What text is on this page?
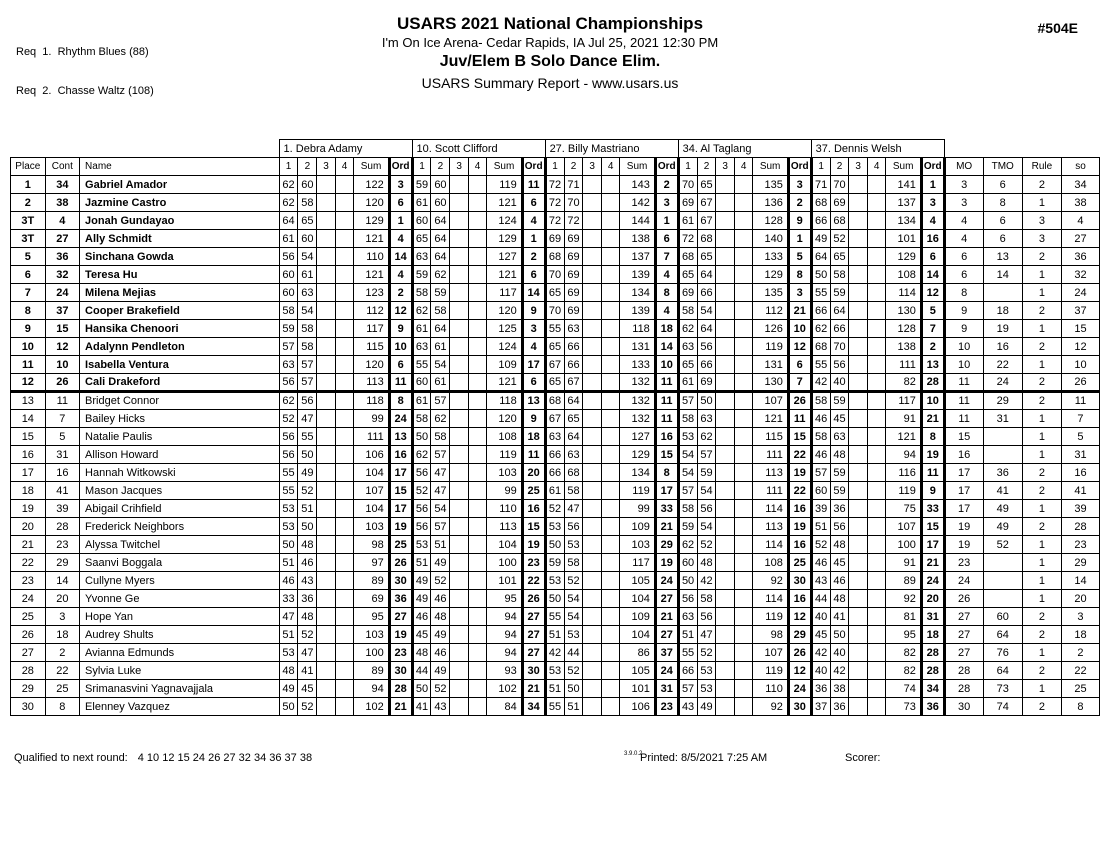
Req  1.  Rhythm Blues (88)

Req  2.  Chasse Waltz (108)

USARS 2021 National Championships
I'm On Ice Arena- Cedar Rapids, IA Jul 25, 2021 12:30 PM
Juv/Elem B Solo Dance Elim.
USARS Summary Report - www.usars.us
#504E
			1. Debra Adamy						10. Scott Clifford						27. Billy Mastriano						34. Al Taglang						37. Dennis Welsh									
Place	Cont	Name	1	2	3	4	Sum	Ord	1	2	3	4	Sum	Ord	1	2	3	4	Sum	Ord	1	2	3	4	Sum	Ord	1	2	3	4	Sum	Ord	MO	TMO	Rule	so
1	34	Gabriel Amador	62	60			122	3	59	60			119	11	72	71			143	2	70	65			135	3	71	70			141	1	3	6	2	34
2	38	Jazmine Castro	62	58			120	6	61	60			121	6	72	70			142	3	69	67			136	2	68	69			137	3	3	8	1	38
3T	4	Jonah Gundayao	64	65			129	1	60	64			124	4	72	72			144	1	61	67			128	9	66	68			134	4	4	6	3	4
3T	27	Ally Schmidt	61	60			121	4	65	64			129	1	69	69			138	6	72	68			140	1	49	52			101	16	4	6	3	27
5	36	Sinchana Gowda	56	54			110	14	63	64			127	2	68	69			137	7	68	65			133	5	64	65			129	6	6	13	2	36
6	32	Teresa Hu	60	61			121	4	59	62			121	6	70	69			139	4	65	64			129	8	50	58			108	14	6	14	1	32
7	24	Milena Mejias	60	63			123	2	58	59			117	14	65	69			134	8	69	66			135	3	55	59			114	12	8		1	24
8	37	Cooper Brakefield	58	54			112	12	62	58			120	9	70	69			139	4	58	54			112	21	66	64			130	5	9	18	2	37
9	15	Hansika Chenoori	59	58			117	9	61	64			125	3	55	63			118	18	62	64			126	10	62	66			128	7	9	19	1	15
10	12	Adalynn Pendleton	57	58			115	10	63	61			124	4	65	66			131	14	63	56			119	12	68	70			138	2	10	16	2	12
11	10	Isabella Ventura	63	57			120	6	55	54			109	17	67	66			133	10	65	66			131	6	55	56			111	13	10	22	1	10
12	26	Cali Drakeford	56	57			113	11	60	61			121	6	65	67			132	11	61	69			130	7	42	40			82	28	11	24	2	26
13	11	Bridget Connor	62	56			118	8	61	57			118	13	68	64			132	11	57	50			107	26	58	59			117	10	11	29	2	11
14	7	Bailey Hicks	52	47			99	24	58	62			120	9	67	65			132	11	58	63			121	11	46	45			91	21	11	31	1	7
15	5	Natalie Paulis	56	55			111	13	50	58			108	18	63	64			127	16	53	62			115	15	58	63			121	8	15		1	5
16	31	Allison Howard	56	50			106	16	62	57			119	11	66	63			129	15	54	57			111	22	46	48			94	19	16		1	31
17	16	Hannah Witkowski	55	49			104	17	56	47			103	20	66	68			134	8	54	59			113	19	57	59			116	11	17	36	2	16
18	41	Mason Jacques	55	52			107	15	52	47			99	25	61	58			119	17	57	54			111	22	60	59			119	9	17	41	2	41
19	39	Abigail Crihfield	53	51			104	17	56	54			110	16	52	47			99	33	58	56			114	16	39	36			75	33	17	49	1	39
20	28	Frederick Neighbors	53	50			103	19	56	57			113	15	53	56			109	21	59	54			113	19	51	56			107	15	19	49	2	28
21	23	Alyssa Twitchel	50	48			98	25	53	51			104	19	50	53			103	29	62	52			114	16	52	48			100	17	19	52	1	23
22	29	Saanvi Boggala	51	46			97	26	51	49			100	23	59	58			117	19	60	48			108	25	46	45			91	21	23		1	29
23	14	Cullyne Myers	46	43			89	30	49	52			101	22	53	52			105	24	50	42			92	30	43	46			89	24	24		1	14
24	20	Yvonne Ge	33	36			69	36	49	46			95	26	50	54			104	27	56	58			114	16	44	48			92	20	26		1	20
25	3	Hope Yan	47	48			95	27	46	48			94	27	55	54			109	21	63	56			119	12	40	41			81	31	27	60	2	3
26	18	Audrey Shults	51	52			103	19	45	49			94	27	51	53			104	27	51	47			98	29	45	50			95	18	27	64	2	18
27	2	Avianna Edmunds	53	47			100	23	48	46			94	27	42	44			86	37	55	52			107	26	42	40			82	28	27	76	1	2
28	22	Sylvia Luke	48	41			89	30	44	49			93	30	53	52			105	24	66	53			119	12	40	42			82	28	28	64	2	22
29	25	Srimanasvini Yagnavajjala	49	45			94	28	50	52			102	21	51	50			101	31	57	53			110	24	36	38			74	34	28	73	1	25
30	8	Elenney Vazquez	50	52			102	21	41	43			84	34	55	51			106	23	43	49			92	30	37	36			73	36	30	74	2	8
Qualified to next round: 4 10 12 15 24 26 27 32 34 36 37 38	3.9.0.2
Printed: 8/5/2021 7:25 AM	Scorer:
